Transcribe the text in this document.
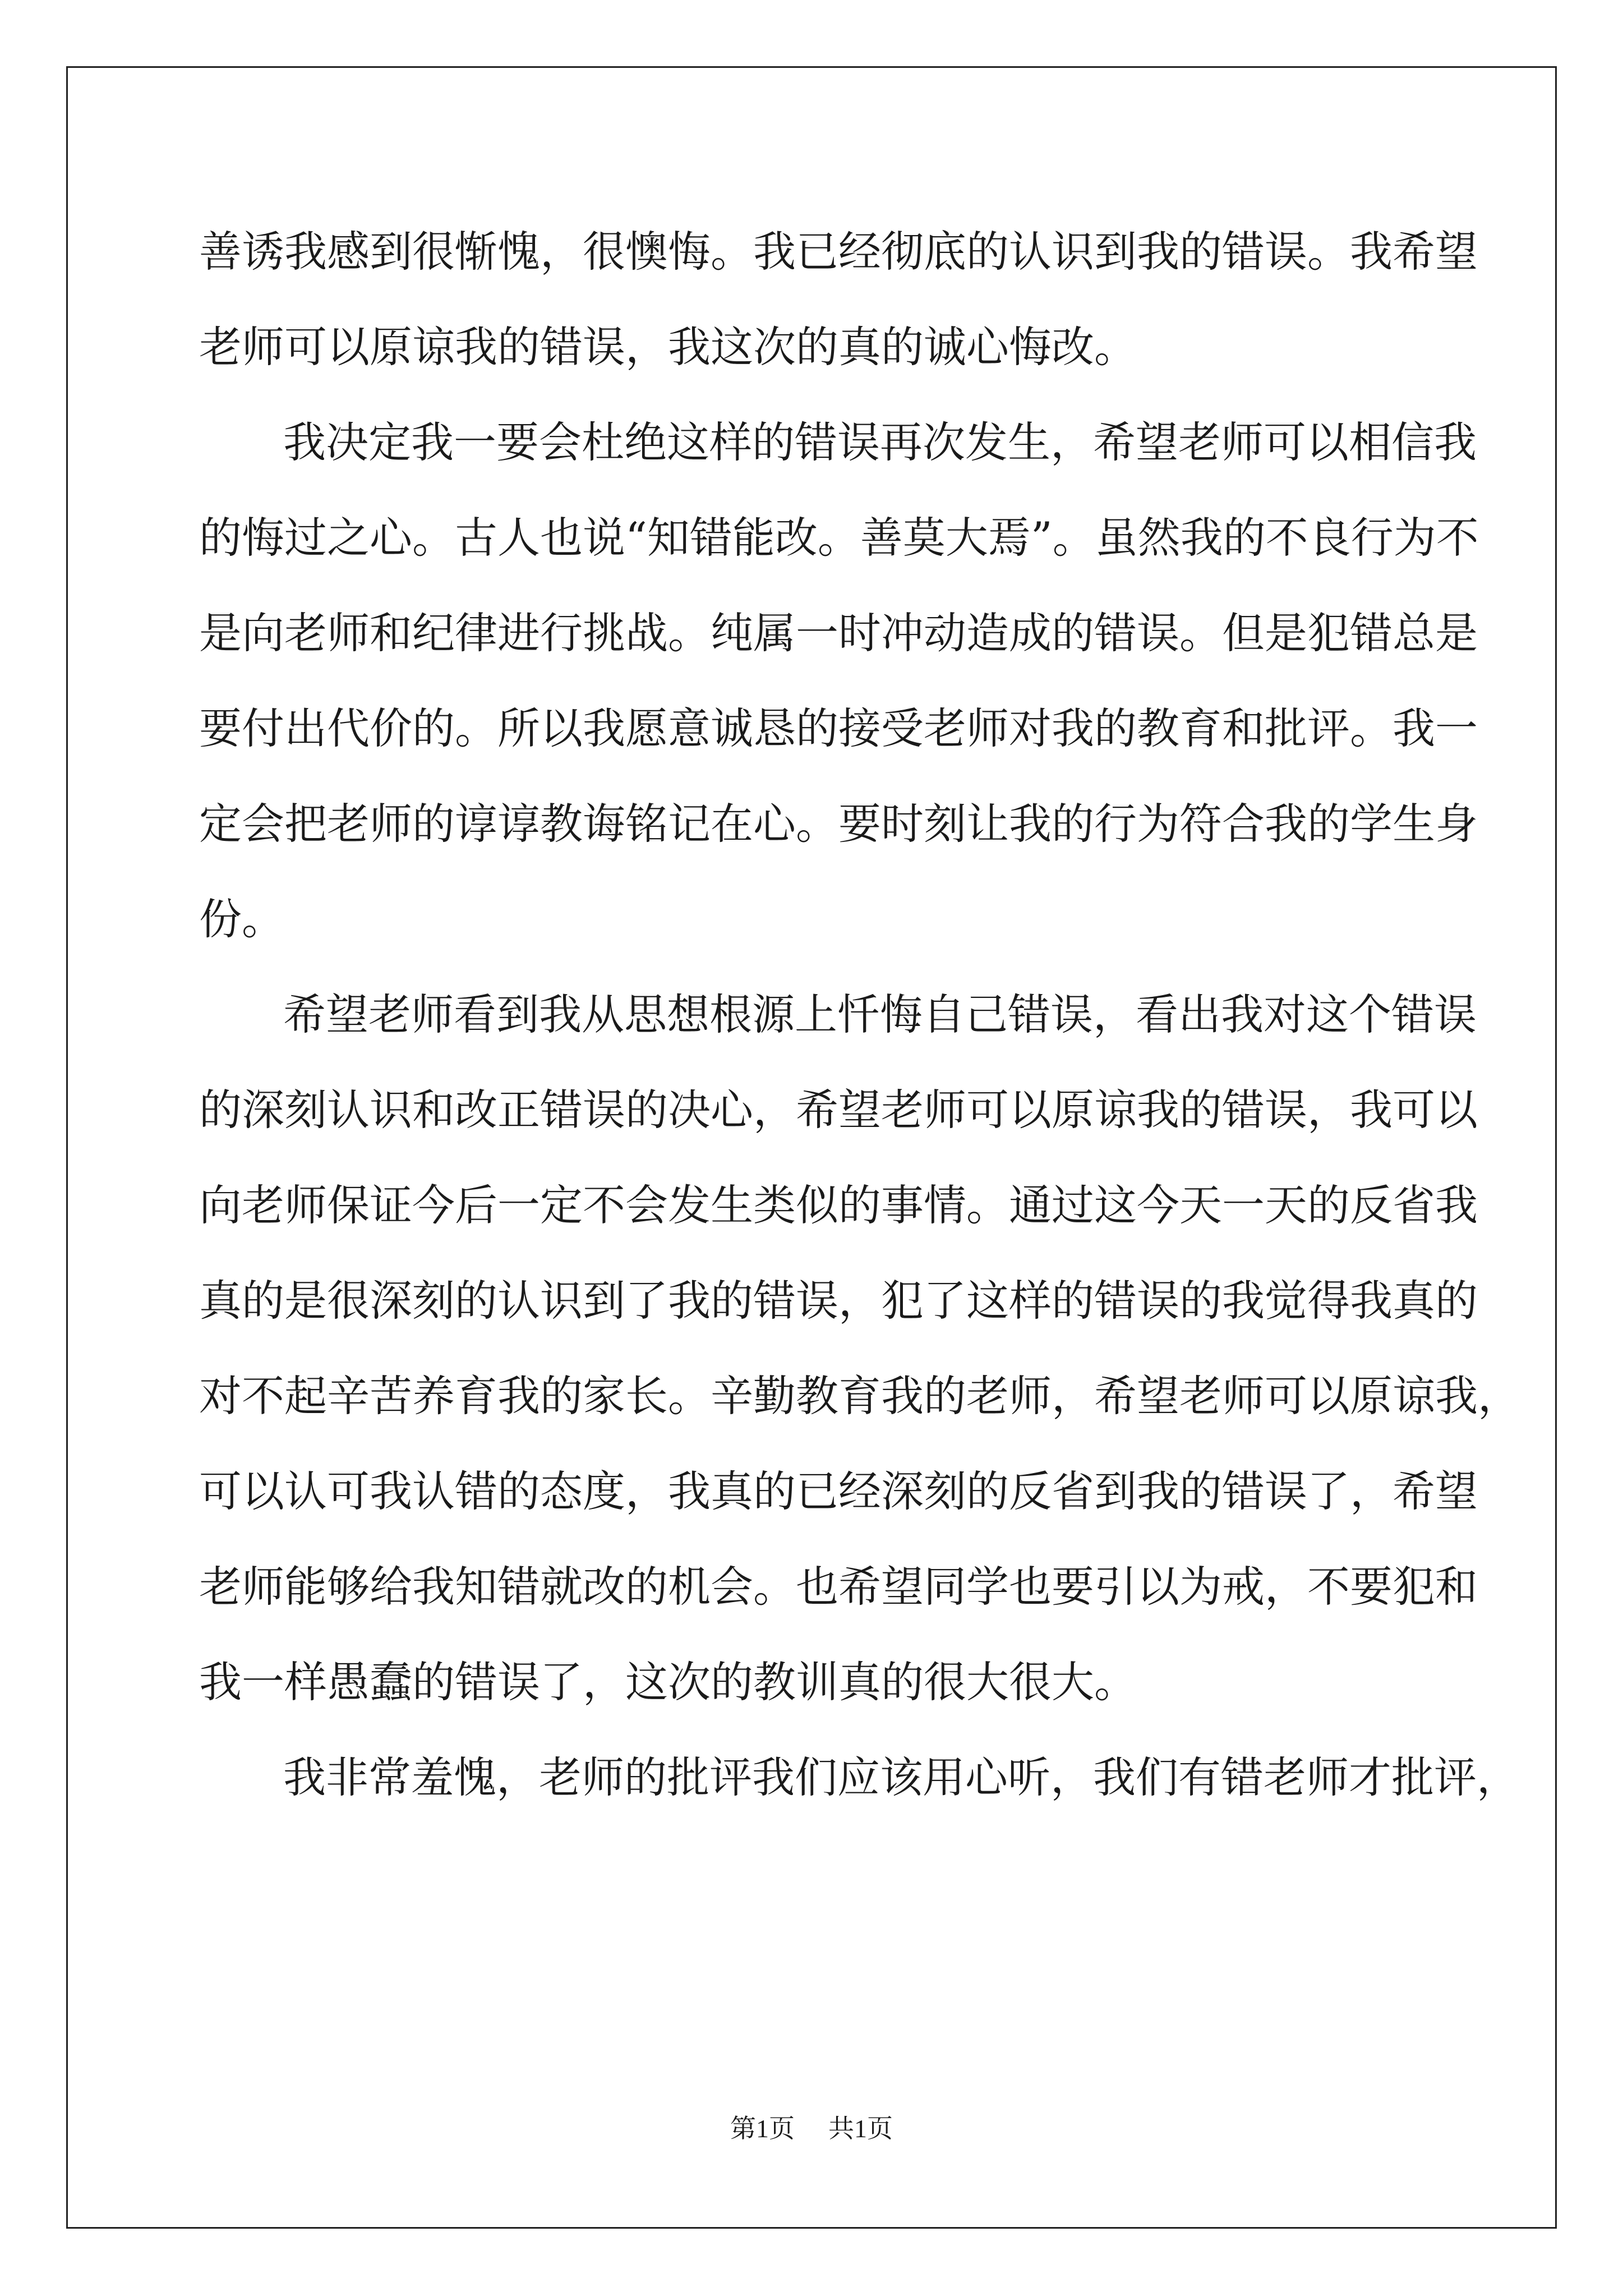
善诱我感到很惭愧，很懊悔。我已经彻底的认识到我的错误。我希望
老师可以原谅我的错误，我这次的真的诚心悔改。
我决定我一要会杜绝这样的错误再次发生，希望老师可以相信我
的悔过之心。古人也说“知错能改。善莫大焉”。虽然我的不良行为不
是向老师和纪律进行挑战。纯属一时冲动造成的错误。但是犯错总是
要付出代价的。所以我愿意诚恳的接受老师对我的教育和批评。我一
定会把老师的谆谆教诲铭记在心。要时刻让我的行为符合我的学生身
份。
希望老师看到我从思想根源上忏悔自己错误，看出我对这个错误
的深刻认识和改正错误的决心，希望老师可以原谅我的错误，我可以
向老师保证今后一定不会发生类似的事情。通过这今天一天的反省我
真的是很深刻的认识到了我的错误，犯了这样的错误的我觉得我真的
对不起辛苦养育我的家长。辛勤教育我的老师，希望老师可以原谅我，
可以认可我认错的态度，我真的已经深刻的反省到我的错误了，希望
老师能够给我知错就改的机会。也希望同学也要引以为戒，不要犯和
我一样愚蠢的错误了，这次的教训真的很大很大。
我非常羞愧，老师的批评我们应该用心听，我们有错老师才批评，
第1页 共1页
